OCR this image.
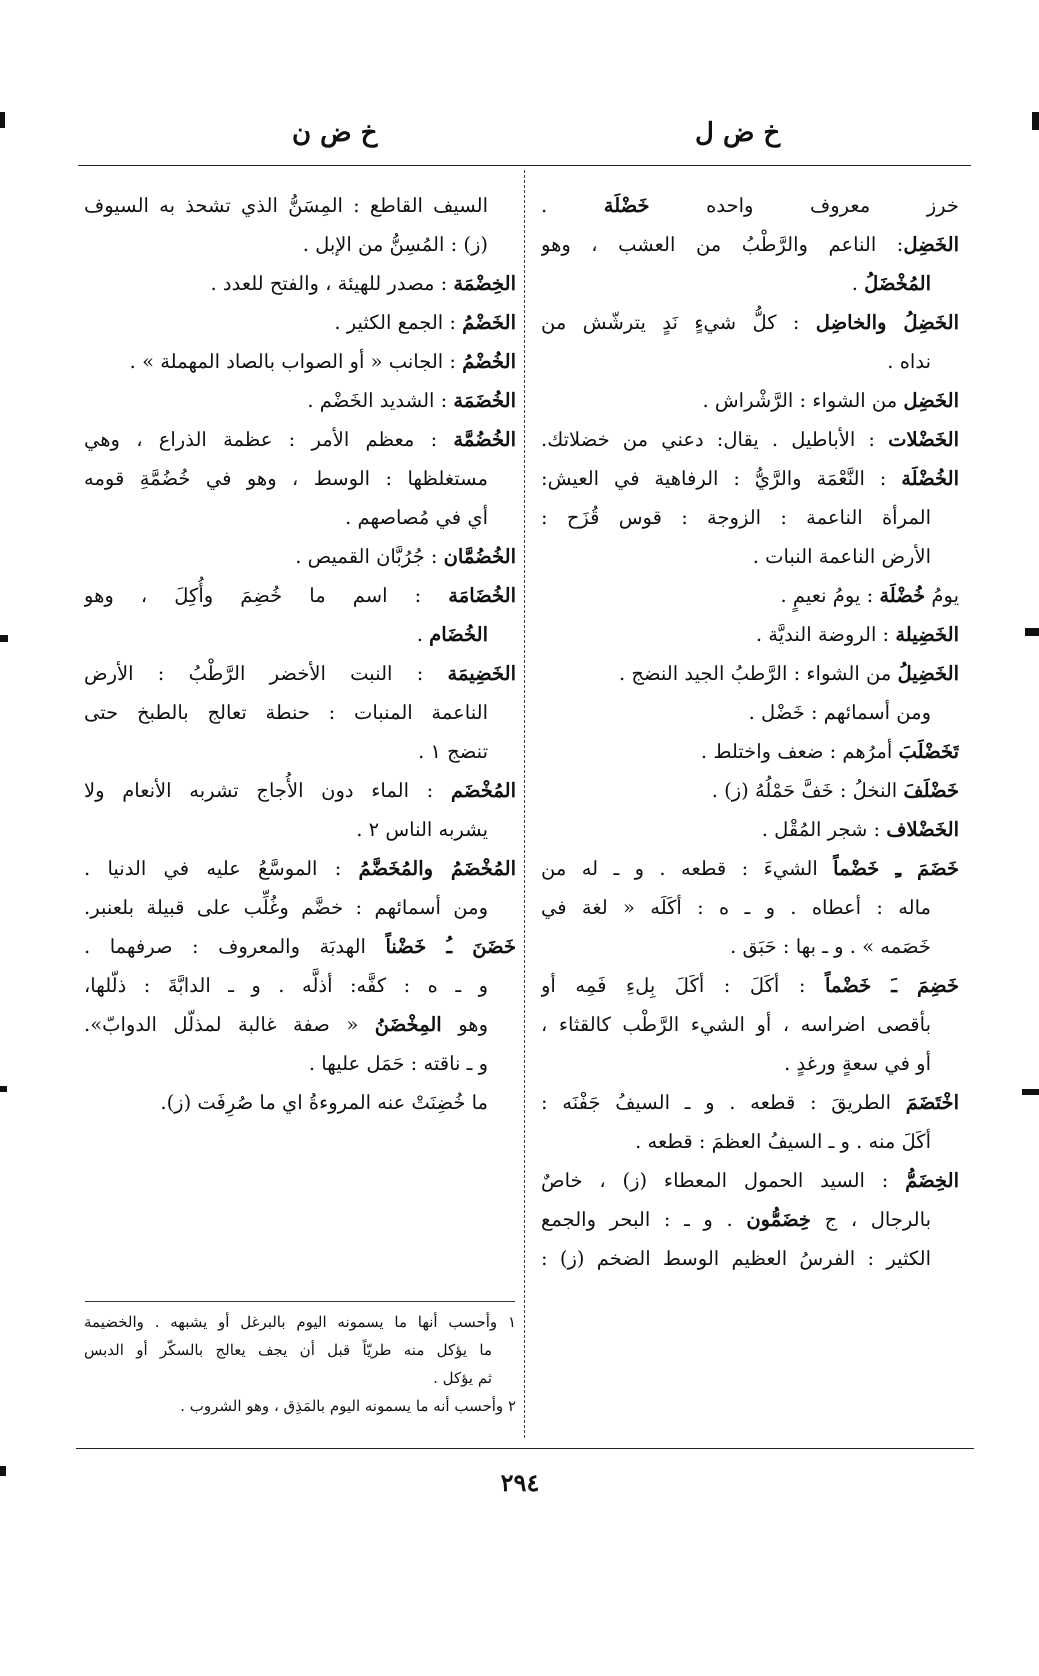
خ ض ل
خ ض ن
خرز معروف واحده خَضْلَة .
الخَضِل: الناعم والرَّطْبُ من العشب ، وهو
المُخْضَلُ .
الخَضِلُ والخاضِل : كلُّ شيءٍ نَدٍ يترشّش من
نداه .
الخَضِل من الشواء : الرَّشْراش .
الخَضْلات : الأباطيل . يقال: دعني من خضلاتك.
الخُضْلَة : النَّعْمَة والرَّيُّ : الرفاهية في العيش:
المرأة الناعمة : الزوجة : قوس قُزَح :
الأرض الناعمة النبات .
يومُ خُضْلَة : يومُ نعيمٍ .
الخَضِيلة : الروضة النديَّة .
الخَضِيلُ من الشواء : الرَّطبُ الجيد النضج .
ومن أسمائهم : خَضْل .
تَخَضْلَبَ أمرُهم : ضعف واختلط .
خَضْلَفَ النخلُ : خَفَّ حَمْلُهُ (ز) .
الخَضْلاف : شجر المُقْل .
خَضَمَ ـِ خَضْماً الشيءَ : قطعه . و ـ له من
ماله : أعطاه . و ـ ه : أكَلَه « لغة في
خَصَمه » . و ـ بها : حَبَق .
خَضِمَ ـَ خَضْماً : أكَلَ : أكَلَ بِلءِ فَمِه أو
بأقصى اضراسه ، أو الشيء الرَّطْب كالقثاء ،
أو في سعةٍ ورغدٍ .
اخْتَضَمَ الطريقَ : قطعه . و ـ السيفُ جَفْنَه :
أكَلَ منه . و ـ السيفُ العظمَ : قطعه .
الخِضَمُّ : السيد الحمول المعطاء (ز) ، خاصٌ
بالرجال ، ج خِضَمُّون . و ـ : البحر والجمع
الكثير : الفرسُ العظيم الوسط الضخم (ز) :
السيف القاطع : المِسَنُّ الذي تشحذ به السيوف
(ز) : المُسِنُّ من الإبل .
الخِضْمَة : مصدر للهيئة ، والفتح للعدد .
الخَضْمُ : الجمع الكثير .
الخُضْمُ : الجانب « أو الصواب بالصاد المهملة » .
الخُضَمَة : الشديد الخَضْم .
الخُضُمَّة : معظم الأمر : عظمة الذراع ، وهي
مستغلظها : الوسط ، وهو في خُضُمَّةِ قومه
أي في مُصاصهم .
الخُضُمَّان : جُرُبَّان القميص .
الخُضَامَة : اسم ما خُضِمَ وأُكِلَ ، وهو
الخُضَام .
الخَضِيمَة : النبت الأخضر الرَّطْبُ : الأرض
الناعمة المنبات : حنطة تعالج بالطبخ حتى
تنضج ١ .
المُخْضَم : الماء دون الأُجاج تشربه الأنعام ولا
يشربه الناس ٢ .
المُخْضَمُ والمُخَضَّمُ : الموسَّعُ عليه في الدنيا .
ومن أسمائهم : خضَّم وغُلِّب على قبيلة بلعنبر.
خَضَنَ ـُ خَضْناً الهدبَة والمعروف : صرفهما .
و ـ ه : كفَّه: أذلَّه . و ـ الدابَّةَ : ذلّلها،
وهو المِخْضَنُ « صفة غالبة لمذلّل الدوابّ».
و ـ ناقته : حَمَل عليها .
ما خُضِنَتْ عنه المروءةُ اي ما صُرِفَت (ز).
١ وأحسب أنها ما يسمونه اليوم بالبرغل أو يشبهه . والخضيمة
ما يؤكل منه طريّاً قبل أن يجف يعالج بالسكّر أو الدبس
ثم يؤكل .
٢ وأحسب أنه ما يسمونه اليوم بالمَذِق ، وهو الشروب .
٢٩٤
